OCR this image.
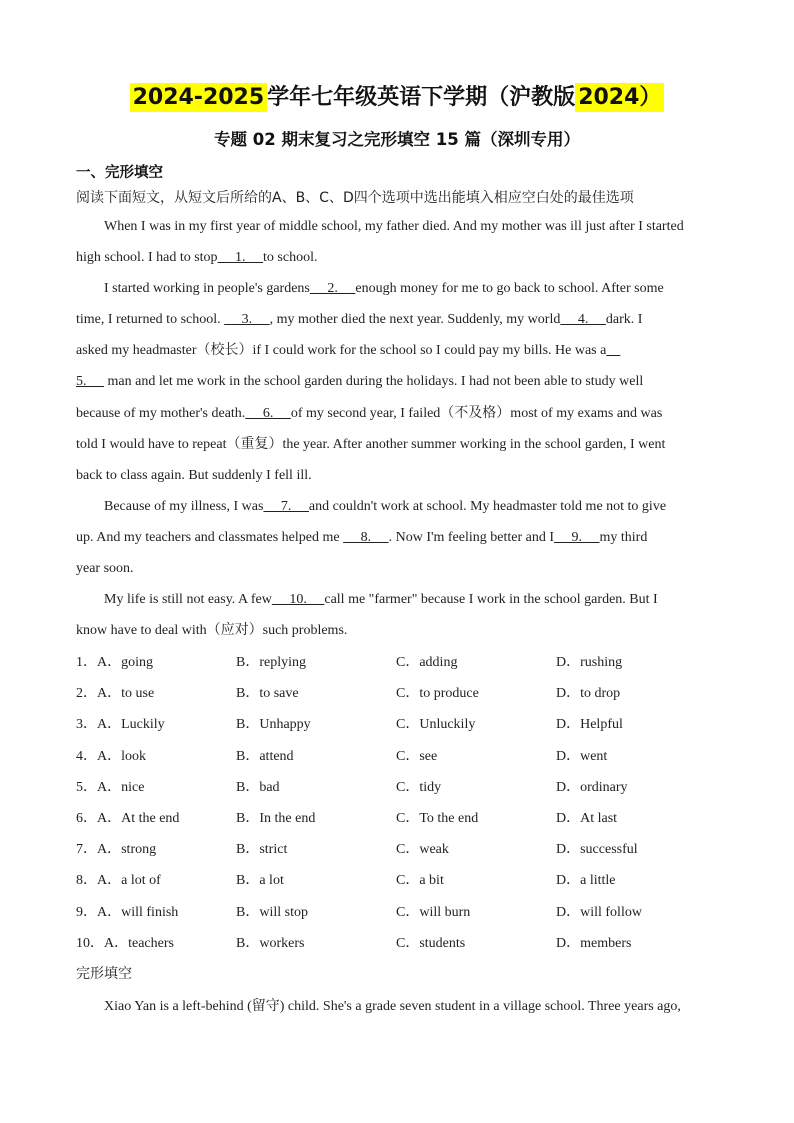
2024-2025 学年七年级英语下学期（沪教版 2024）
专题 02 期末复习之完形填空 15 篇（深圳专用）
一、完形填空
阅读下面短文，从短文后所给的A、B、C、D四个选项中选出能填入相应空白处的最佳选项
When I was in my first year of middle school, my father died. And my mother was ill just after I started
high school. I had to stop     1.     to school.
I started working in people's gardens     2.     enough money for me to go back to school. After some
time, I returned to school.      3.     , my mother died the next year. Suddenly, my world     4.     dark. I
asked my headmaster（校长）if I could work for the school so I could pay my bills. He was a
5.      man and let me work in the school garden during the holidays. I had not been able to study well
because of my mother's death.     6.     of my second year, I failed（不及格）most of my exams and was
told I would have to repeat（重复）the year. After another summer working in the school garden, I went
back to class again. But suddenly I fell ill.
Because of my illness, I was     7.     and couldn't work at school. My headmaster told me not to give
up. And my teachers and classmates helped me      8.     . Now I'm feeling better and I     9.     my third
year soon.
My life is still not easy. A few     10.     call me "farmer" because I work in the school garden. But I
know have to deal with（应对）such problems.
1．A．going	B．replying	C．adding	D．rushing
2．A．to use	B．to save	C．to produce	D．to drop
3．A．Luckily	B．Unhappy	C．Unluckily	D．Helpful
4．A．look	B．attend	C．see	D．went
5．A．nice	B．bad	C．tidy	D．ordinary
6．A．At the end	B．In the end	C．To the end	D．At last
7．A．strong	B．strict	C．weak	D．successful
8．A．a lot of	B．a lot	C．a bit	D．a little
9．A．will finish	B．will stop	C．will burn	D．will follow
10．A．teachers	B．workers	C．students	D．members
完形填空
Xiao Yan is a left-behind (留守) child. She's a grade seven student in a village school. Three years ago,
